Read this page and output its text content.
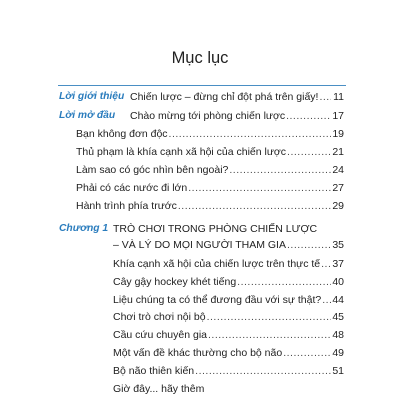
Mục lục
Lời giới thiệu Chiến lược – đừng chỉ đột phá trên giấy! ..... 11
Lời mở đầu	Chào mừng tới phòng chiến lược .....	17
Bạn không đơn độc .....	19
Thủ phạm là khía cạnh xã hội của chiến lược .....	21
Làm sao có góc nhìn bên ngoài? .....	24
Phải có các nước đi lớn .....	27
Hành trình phía trước .....	29
Chương 1 TRÒ CHƠI TRONG PHÒNG CHIẾN LƯỢC
– VÀ LÝ DO MỌI NGƯỜI THAM GIA .....	35
Khía cạnh xã hội của chiến lược trên thực tế ..... 37
Cây gậy hockey khét tiếng .....	40
Liệu chúng ta có thể đương đầu với sự thật? ..... 44
Chơi trò chơi nội bộ .....	45
Cầu cứu chuyên gia .....	48
Một vấn đề khác thường cho bộ não .....	49
Bộ não thiên kiến .....	51
Giờ đây... hãy thêm
